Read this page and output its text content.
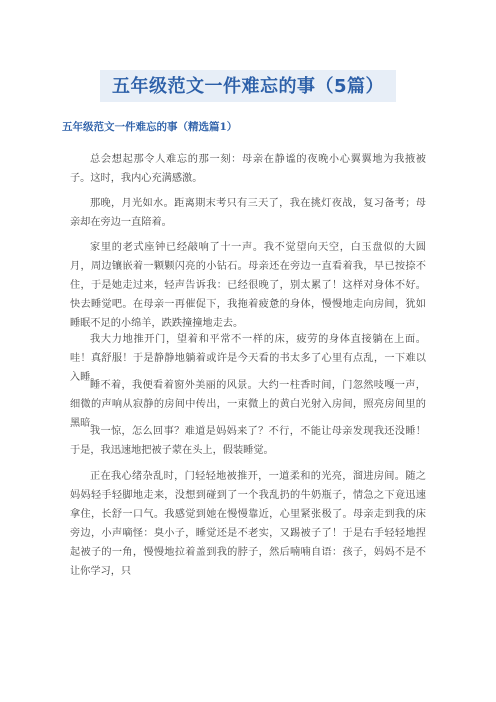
五年级范文一件难忘的事（5篇）
五年级范文一件难忘的事（精选篇1）

总会想起那令人难忘的那一刻：母亲在静谧的夜晚小心翼翼地为我掖被子。这时，我内心充满感激。

那晚，月光如水。距离期末考只有三天了，我在挑灯夜战，复习备考；母亲却在旁边一直陪着。

家里的老式座钟已经敲响了十一声。我不觉望向天空，白玉盘似的大圆月，周边镶嵌着一颗颗闪亮的小钻石。母亲还在旁边一直看着我，早已按捺不住，于是她走过来，轻声告诉我：已经很晚了，别太累了！这样对身体不好。快去睡觉吧。在母亲一再催促下，我拖着疲惫的身体，慢慢地走向房间，犹如睡眠不足的小绵羊，跌跌撞撞地走去。

我大力地推开门，望着和平常不一样的床，疲劳的身体直接躺在上面。哇！真舒服！于是静静地躺着或许是今天看的书太多了心里有点乱，一下难以入睡。

睡不着，我便看着窗外美丽的风景。大约一柱香时间，门忽然吱嘎一声，细微的声响从寂静的房间中传出，一束微上的黄白光射入房间，照亮房间里的黑暗。

我一惊，怎么回事？难道是妈妈来了？不行，不能让母亲发现我还没睡！于是，我迅速地把被子蒙在头上，假装睡觉。

正在我心绪杂乱时，门轻轻地被推开，一道柔和的光亮，溜进房间。随之妈妈轻手轻脚地走来，没想到碰到了一个我乱扔的牛奶瓶子，情急之下竟迅速拿住，长舒一口气。我感觉到她在慢慢靠近，心里紧张极了。母亲走到我的床旁边，小声嘀怪：臭小子，睡觉还是不老实，又踢被子了！于是右手轻轻地捏起被子的一角，慢慢地拉着盖到我的脖子，然后喃喃自语：孩子，妈妈不是不让你学习，只
